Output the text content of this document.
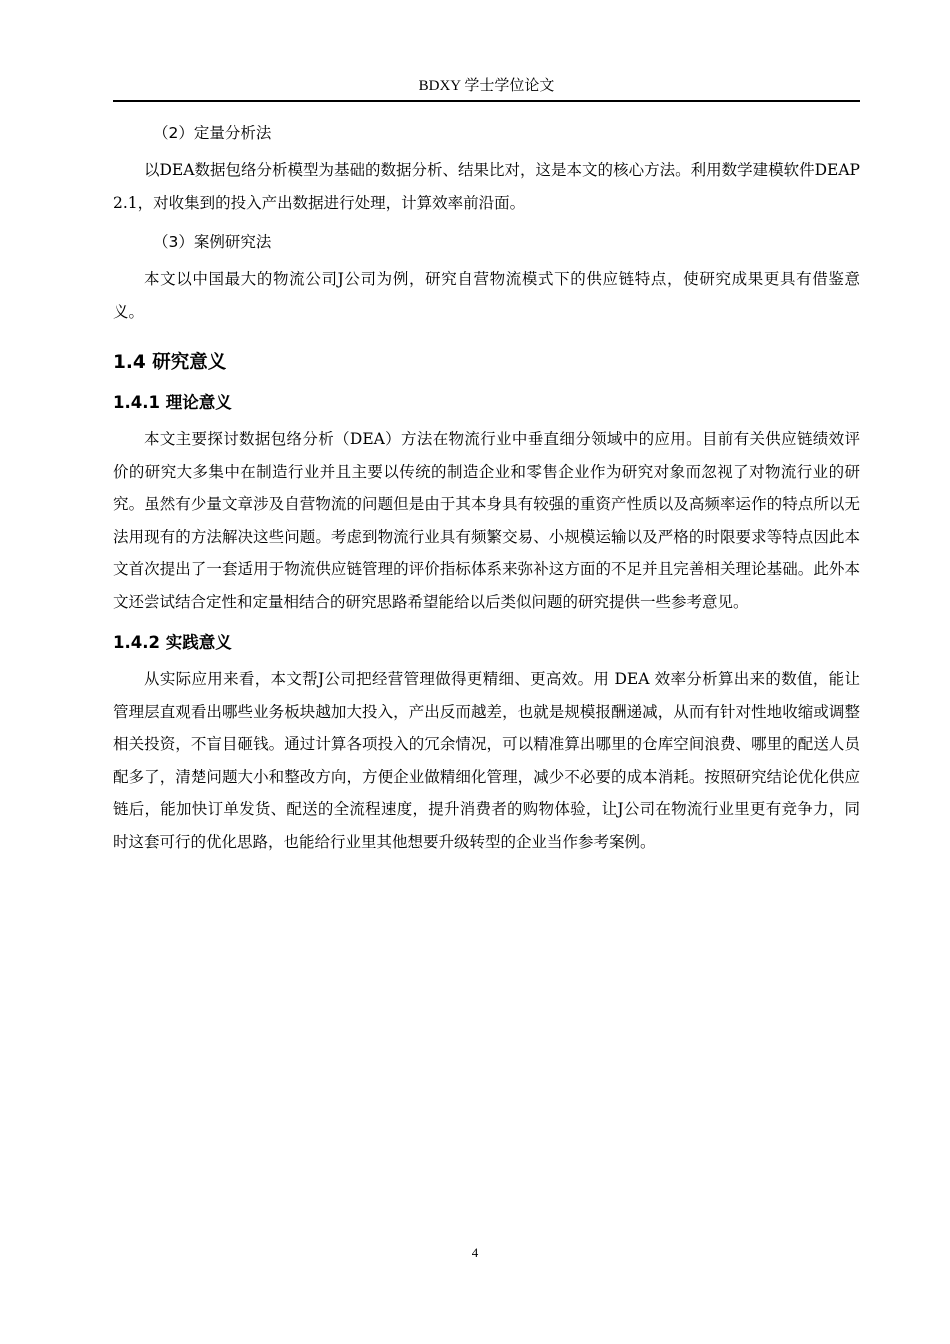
BDXY 学士学位论文

（2）定量分析法

以DEA数据包络分析模型为基础的数据分析、结果比对，这是本文的核心方法。利用数学建模软件DEAP 2.1，对收集到的投入产出数据进行处理，计算效率前沿面。

（3）案例研究法

本文以中国最大的物流公司J公司为例，研究自营物流模式下的供应链特点，使研究成果更具有借鉴意义。

1.4 研究意义
1.4.1 理论意义

本文主要探讨数据包络分析（DEA）方法在物流行业中垂直细分领域中的应用。目前有关供应链绩效评价的研究大多集中在制造行业并且主要以传统的制造企业和零售企业作为研究对象而忽视了对物流行业的研究。虽然有少量文章涉及自营物流的问题但是由于其本身具有较强的重资产性质以及高频率运作的特点所以无法用现有的方法解决这些问题。考虑到物流行业具有频繁交易、小规模运输以及严格的时限要求等特点因此本文首次提出了一套适用于物流供应链管理的评价指标体系来弥补这方面的不足并且完善相关理论基础。此外本文还尝试结合定性和定量相结合的研究思路希望能给以后类似问题的研究提供一些参考意见。

1.4.2 实践意义

从实际应用来看，本文帮J公司把经营管理做得更精细、更高效。用 DEA 效率分析算出来的数值，能让管理层直观看出哪些业务板块越加大投入，产出反而越差，也就是规模报酬递减，从而有针对性地收缩或调整相关投资，不盲目砸钱。通过计算各项投入的冗余情况，可以精准算出哪里的仓库空间浪费、哪里的配送人员配多了，清楚问题大小和整改方向，方便企业做精细化管理，减少不必要的成本消耗。按照研究结论优化供应链后，能加快订单发货、配送的全流程速度，提升消费者的购物体验，让J公司在物流行业里更有竞争力，同时这套可行的优化思路，也能给行业里其他想要升级转型的企业当作参考案例。

4
